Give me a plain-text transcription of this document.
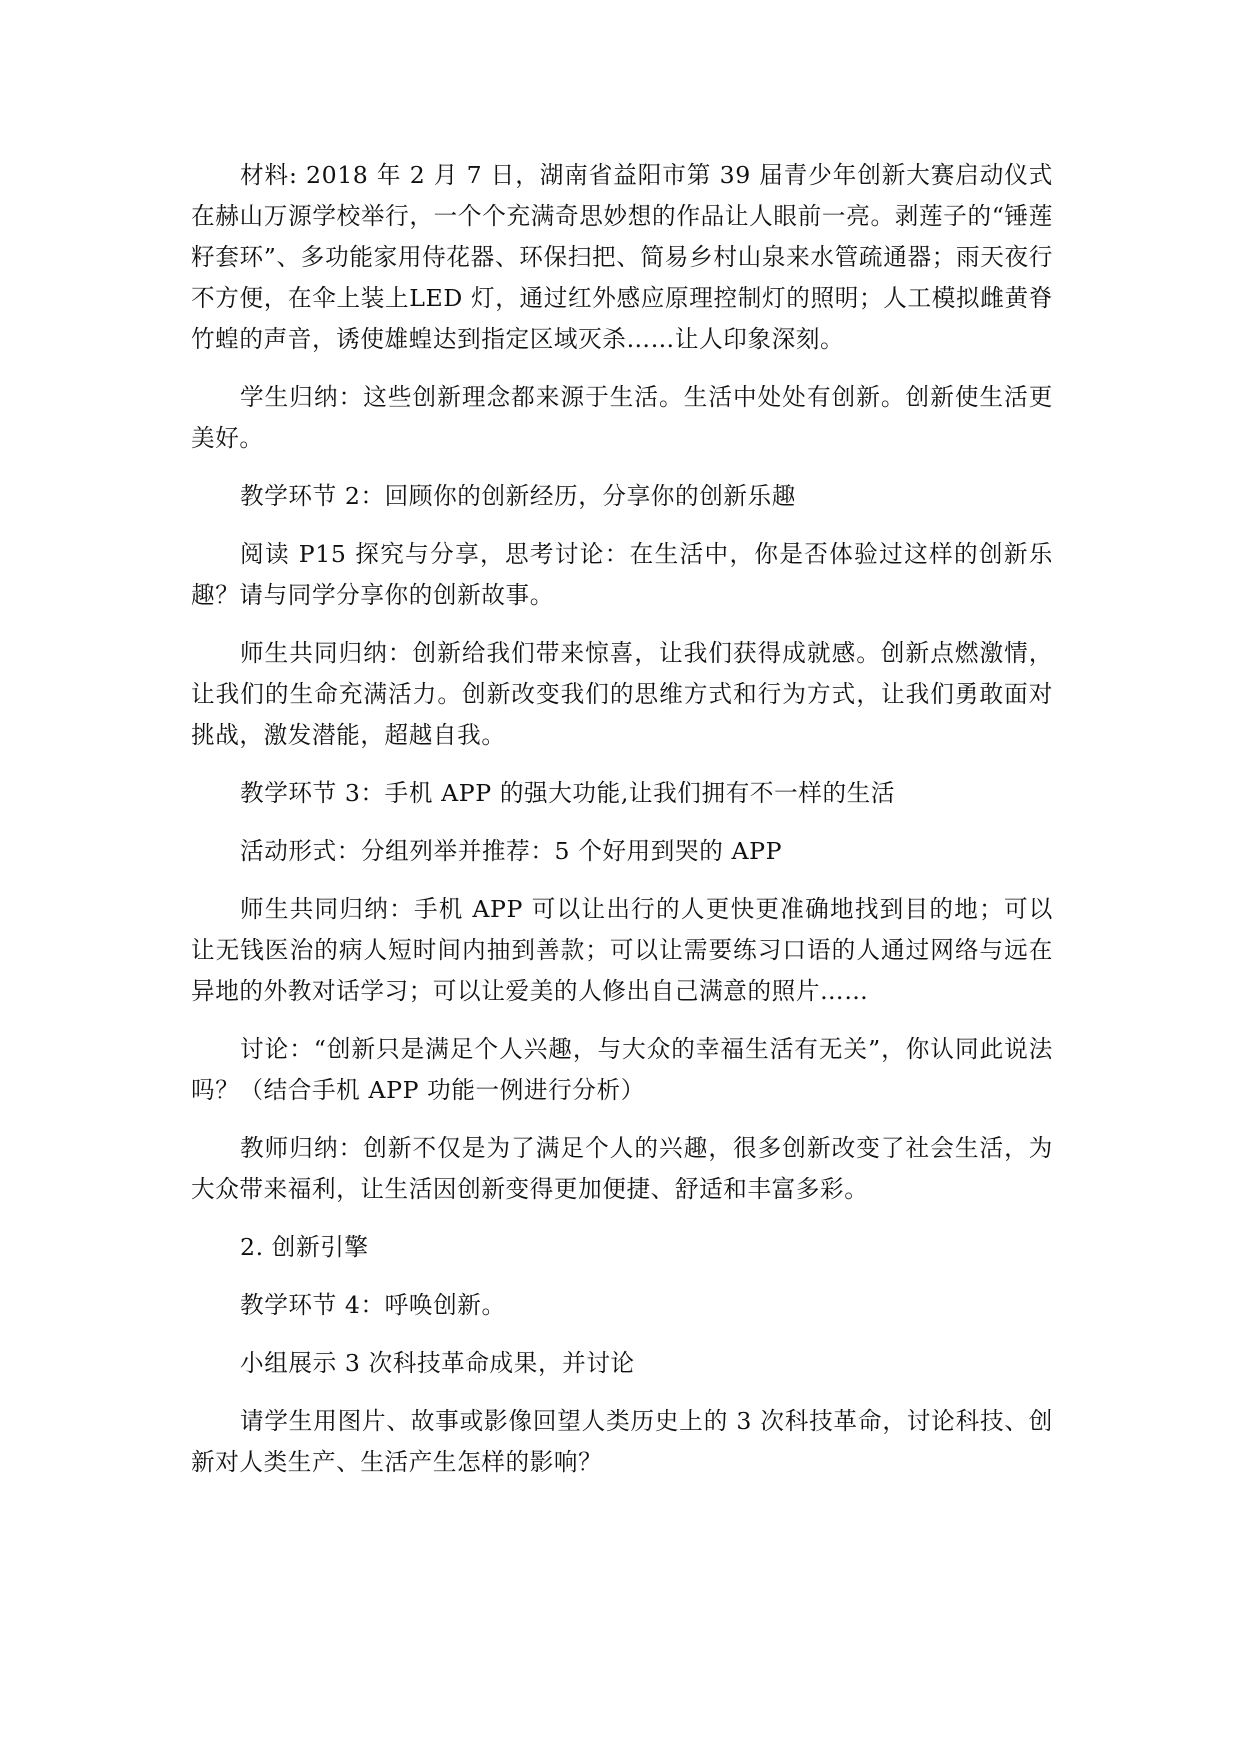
材料: 2018 年 2 月 7 日，湖南省益阳市第 39 届青少年创新大赛启动仪式在赫山万源学校举行，一个个充满奇思妙想的作品让人眼前一亮。剥莲子的“锤莲籽套环”、多功能家用侍花器、环保扫把、简易乡村山泉来水管疏通器；雨天夜行不方便，在伞上装上LED 灯，通过红外感应原理控制灯的照明；人工模拟雌黄脊竹蝗的声音，诱使雄蝗达到指定区域灭杀……让人印象深刻。

学生归纳：这些创新理念都来源于生活。生活中处处有创新。创新使生活更美好。

教学环节 2：回顾你的创新经历，分享你的创新乐趣

阅读 P15 探究与分享，思考讨论：在生活中，你是否体验过这样的创新乐趣？请与同学分享你的创新故事。

师生共同归纳：创新给我们带来惊喜，让我们获得成就感。创新点燃激情，让我们的生命充满活力。创新改变我们的思维方式和行为方式，让我们勇敢面对挑战，激发潜能，超越自我。

教学环节 3：手机 APP 的强大功能,让我们拥有不一样的生活

活动形式：分组列举并推荐：5 个好用到哭的 APP

师生共同归纳：手机 APP 可以让出行的人更快更准确地找到目的地；可以让无钱医治的病人短时间内抽到善款；可以让需要练习口语的人通过网络与远在异地的外教对话学习；可以让爱美的人修出自己满意的照片……

讨论：“创新只是满足个人兴趣，与大众的幸福生活有无关”，你认同此说法吗？（结合手机 APP 功能一例进行分析）

教师归纳：创新不仅是为了满足个人的兴趣，很多创新改变了社会生活，为大众带来福利，让生活因创新变得更加便捷、舒适和丰富多彩。

2. 创新引擎

教学环节 4：呼唤创新。

小组展示 3 次科技革命成果，并讨论

请学生用图片、故事或影像回望人类历史上的 3 次科技革命，讨论科技、创新对人类生产、生活产生怎样的影响？
